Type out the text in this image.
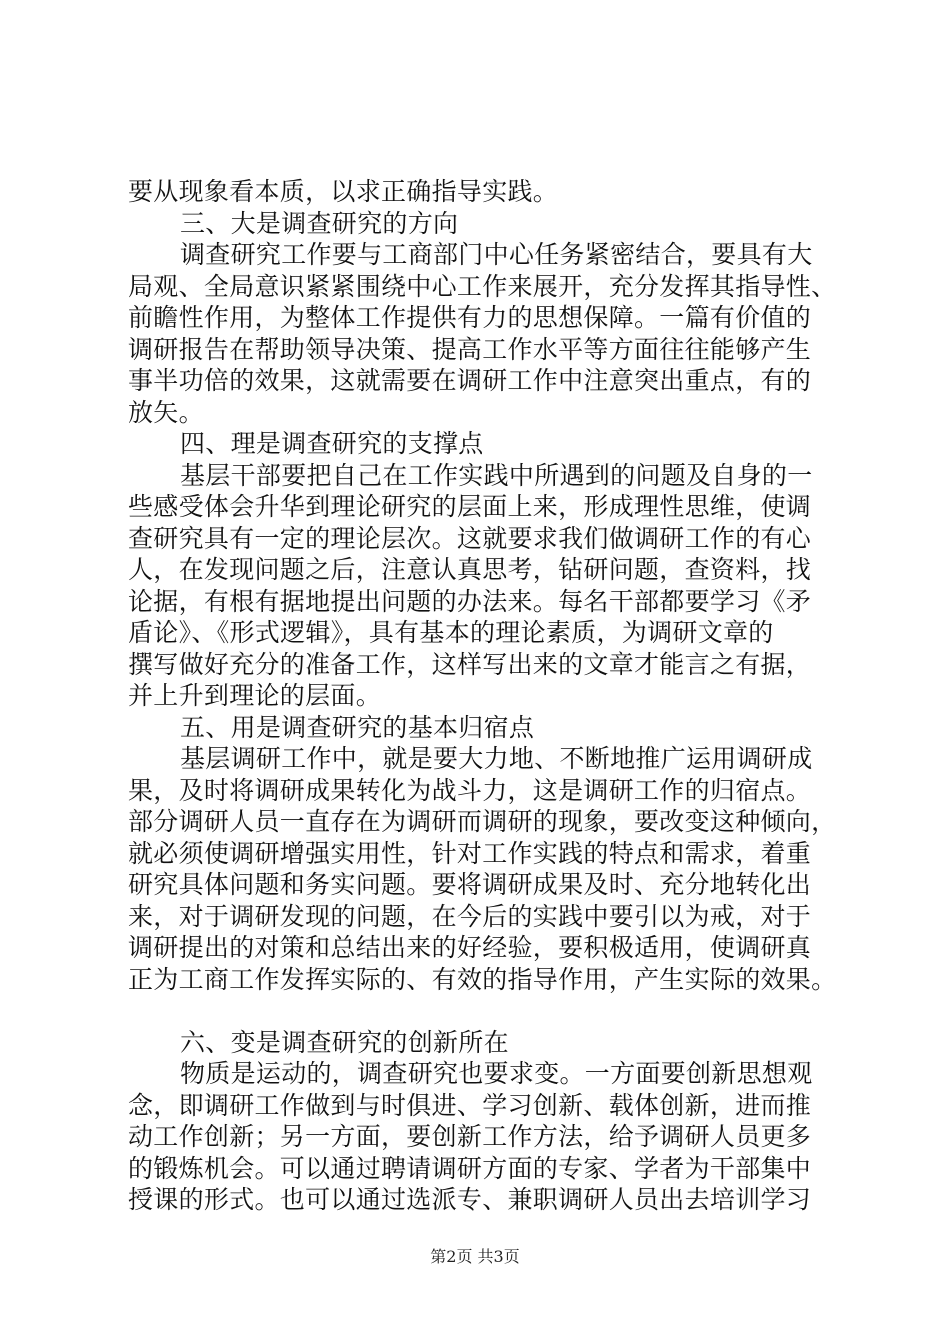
要从现象看本质，以求正确指导实践。
三、大是调查研究的方向
调查研究工作要与工商部门中心任务紧密结合，要具有大
局观、全局意识紧紧围绕中心工作来展开，充分发挥其指导性、
前瞻性作用，为整体工作提供有力的思想保障。一篇有价值的
调研报告在帮助领导决策、提高工作水平等方面往往能够产生
事半功倍的效果，这就需要在调研工作中注意突出重点，有的
放矢。
四、理是调查研究的支撑点
基层干部要把自己在工作实践中所遇到的问题及自身的一
些感受体会升华到理论研究的层面上来，形成理性思维，使调
查研究具有一定的理论层次。这就要求我们做调研工作的有心
人，在发现问题之后，注意认真思考，钻研问题，查资料，找
论据，有根有据地提出问题的办法来。每名干部都要学习《矛
盾论》、《形式逻辑》，具有基本的理论素质，为调研文章的
撰写做好充分的准备工作，这样写出来的文章才能言之有据，
并上升到理论的层面。
五、用是调查研究的基本归宿点
基层调研工作中，就是要大力地、不断地推广运用调研成
果，及时将调研成果转化为战斗力，这是调研工作的归宿点。
部分调研人员一直存在为调研而调研的现象，要改变这种倾向，
就必须使调研增强实用性，针对工作实践的特点和需求，着重
研究具体问题和务实问题。要将调研成果及时、充分地转化出
来，对于调研发现的问题，在今后的实践中要引以为戒，对于
调研提出的对策和总结出来的好经验，要积极适用，使调研真
正为工商工作发挥实际的、有效的指导作用，产生实际的效果。
六、变是调查研究的创新所在
物质是运动的，调查研究也要求变。一方面要创新思想观
念，即调研工作做到与时俱进、学习创新、载体创新，进而推
动工作创新；另一方面，要创新工作方法，给予调研人员更多
的锻炼机会。可以通过聘请调研方面的专家、学者为干部集中
授课的形式。也可以通过选派专、兼职调研人员出去培训学习
第2页 共3页
